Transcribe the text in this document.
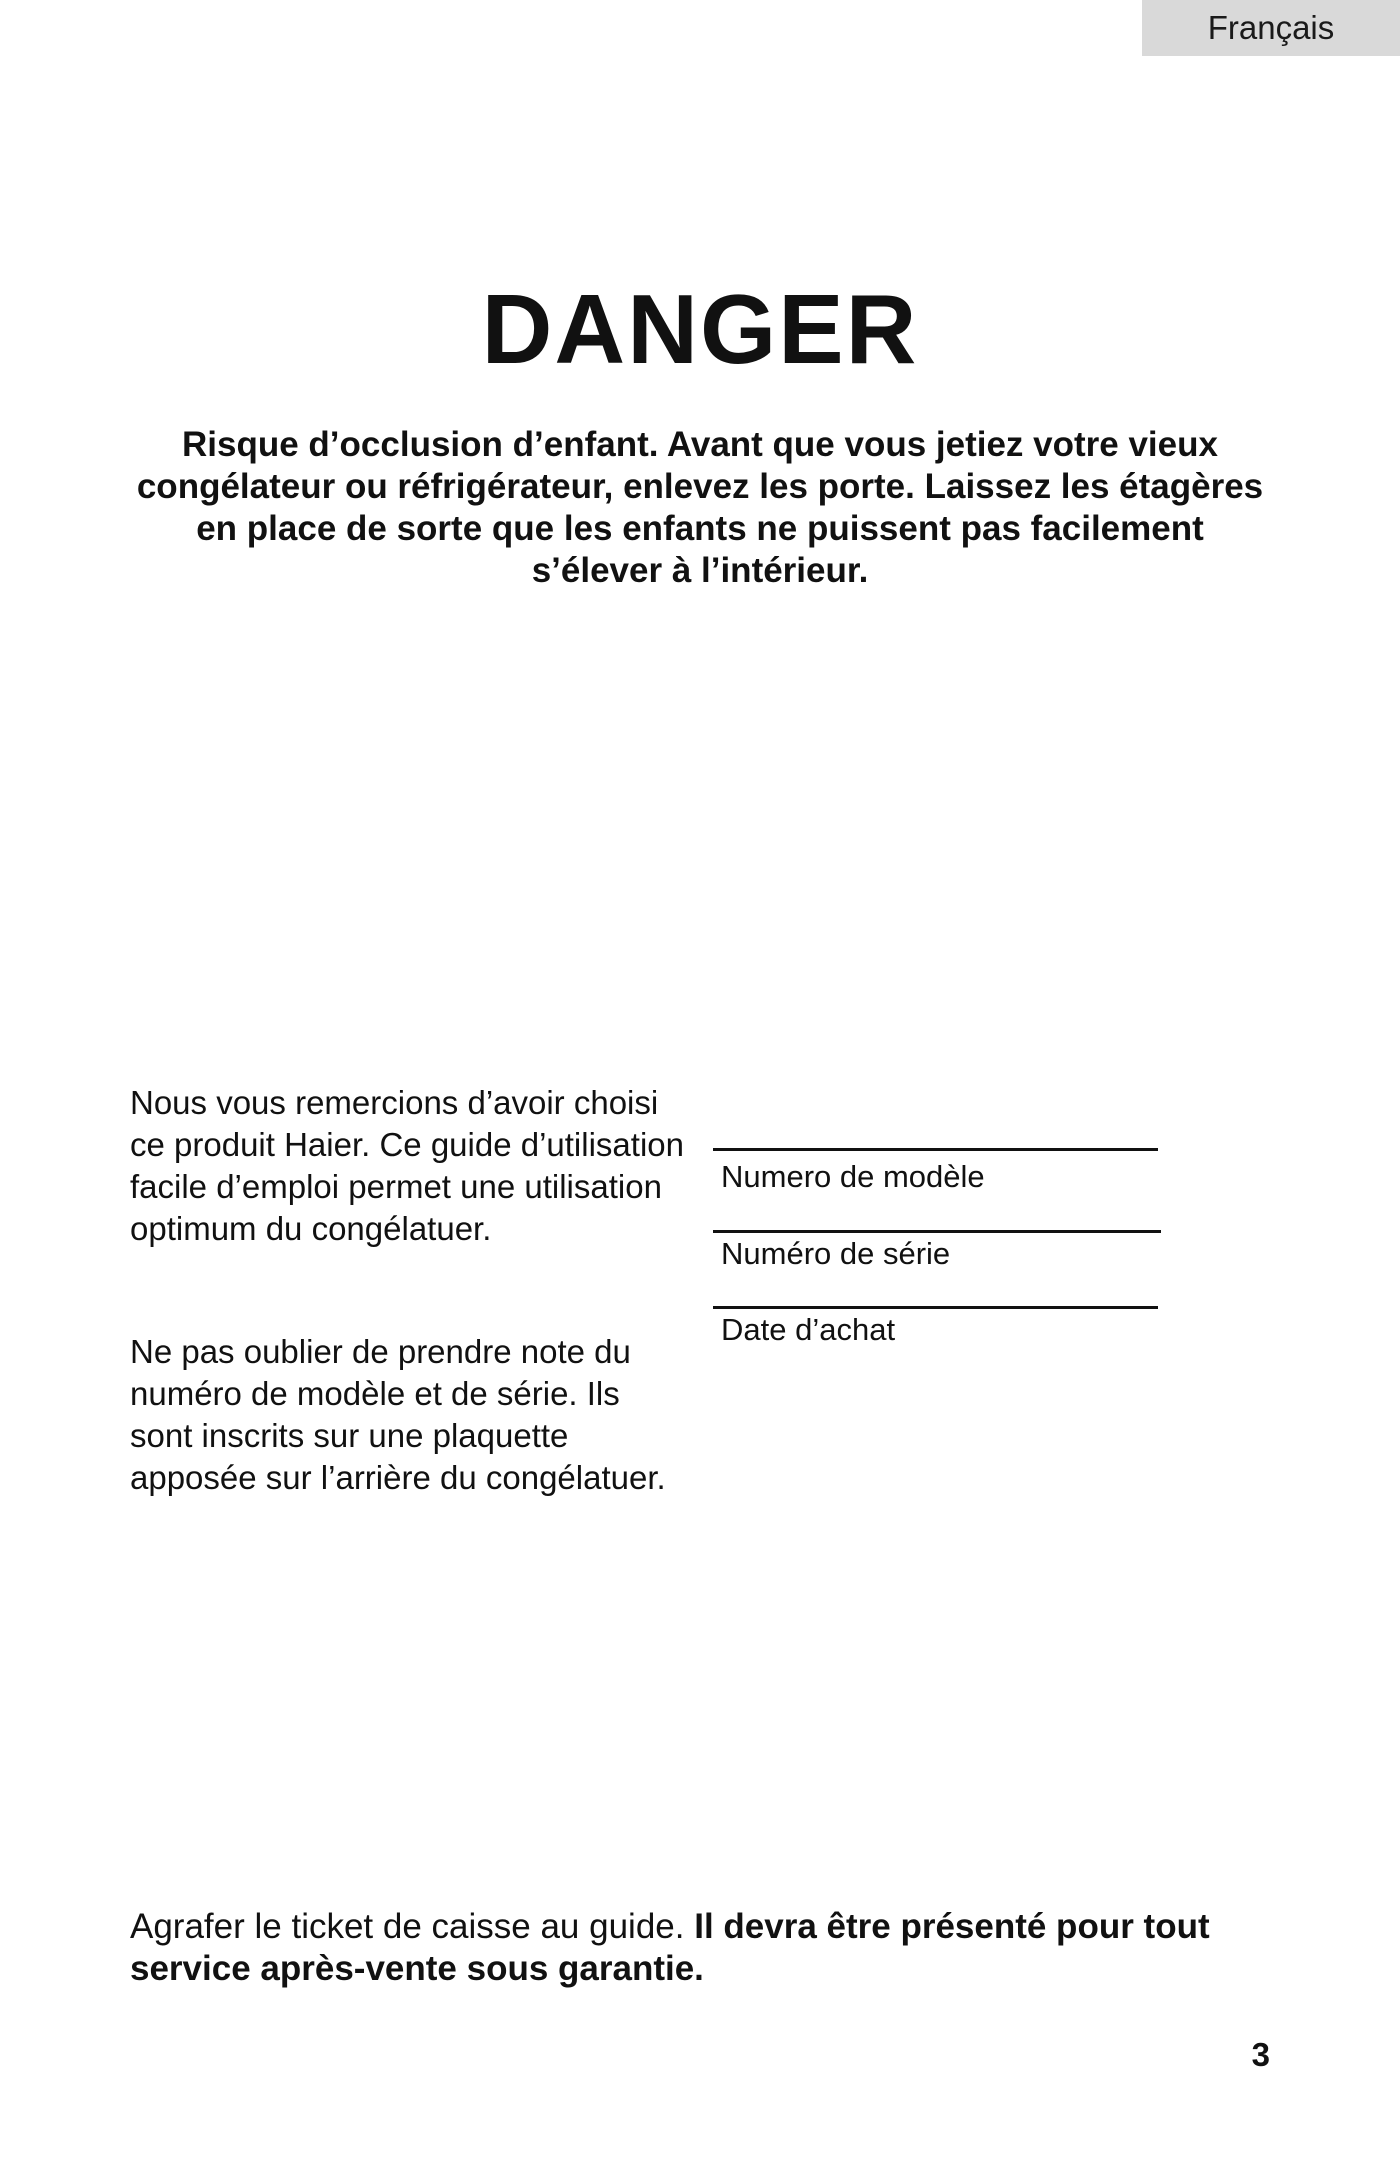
Français
DANGER

Risque d’occlusion d’enfant. Avant que vous jetiez votre vieux congélateur ou réfrigérateur, enlevez les porte. Laissez les étagères en place de sorte que les enfants ne puissent pas facilement s’élever à l’intérieur.

Nous vous remercions d’avoir choisi ce produit Haier. Ce guide d’utilisation facile d’emploi permet une utilisation optimum du congélatuer.

Ne pas oublier de prendre note du numéro de modèle et de série. Ils sont inscrits sur une plaquette apposée sur l’arrière du congélatuer.

Numero de modèle
Numéro de série
Date d’achat

Agrafer le ticket de caisse au guide. Il devra être présenté pour tout service après-vente sous garantie.

3
